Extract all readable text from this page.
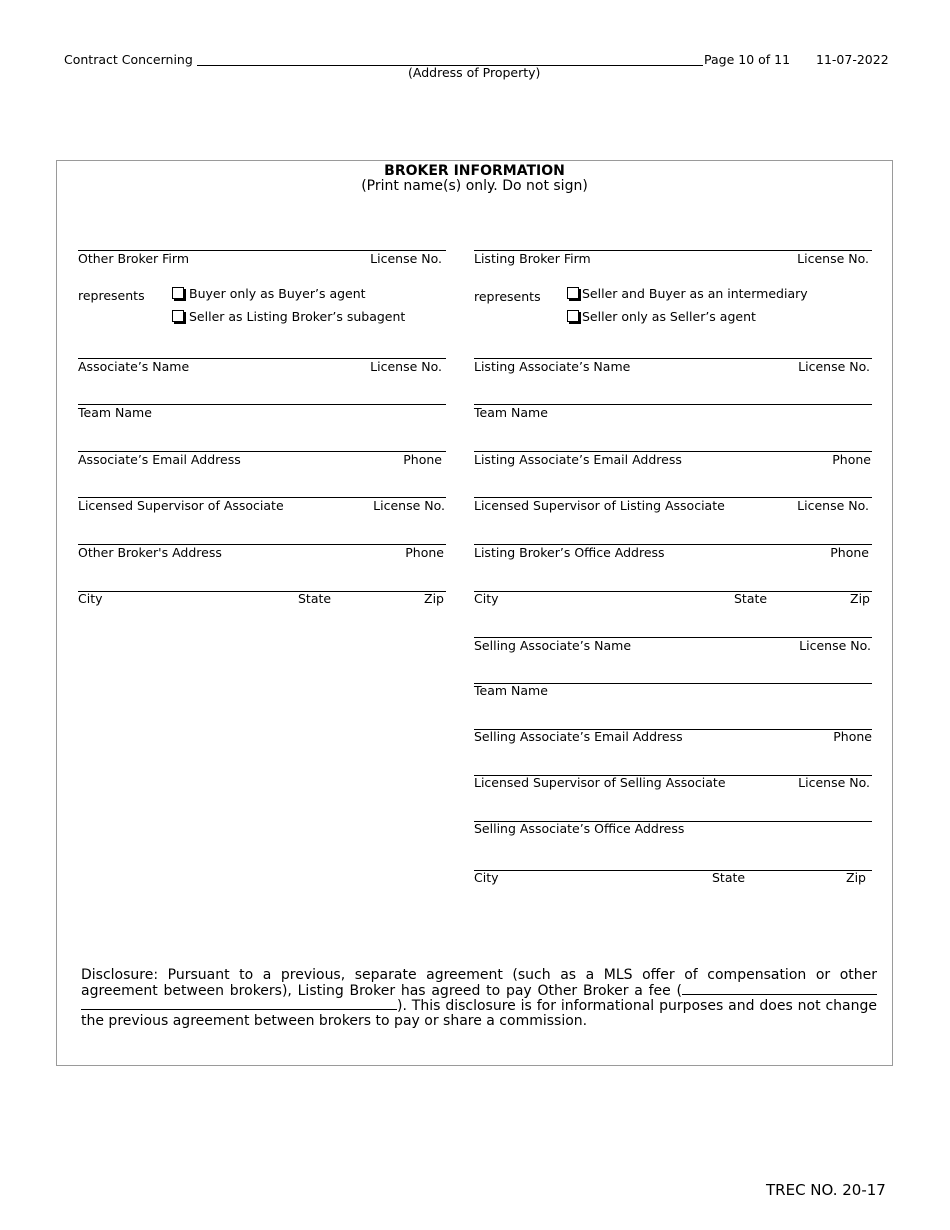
Contract Concerning
(Address of Property)
Page 10 of 11 11-07-2022
BROKER INFORMATION
(Print name(s) only. Do not sign)
Other Broker Firm	License No.
represents	Buyer only as Buyer’s agent
Seller as Listing Broker’s subagent
Associate’s Name	License No.
Team Name
Associate’s Email Address	Phone
Licensed Supervisor of Associate	License No.
Other Broker's Address	Phone
City	State	Zip
Listing Broker Firm	License No.
represents	Seller and Buyer as an intermediary
Seller only as Seller’s agent
Listing Associate’s Name	License No.
Team Name
Listing Associate’s Email Address	Phone
Licensed Supervisor of Listing Associate	License No.
Listing Broker’s Office Address	Phone
City	State	Zip
Selling Associate’s Name	License No.
Team Name
Selling Associate’s Email Address	Phone
Licensed Supervisor of Selling Associate	License No.
Selling Associate’s Office Address
City	State	Zip
Disclosure: Pursuant to a previous, separate agreement (such as a MLS offer of compensation or other agreement between brokers), Listing Broker has agreed to pay Other Broker a fee ( ). This disclosure is for informational purposes and does not change the previous agreement between brokers to pay or share a commission.
TREC NO. 20-17
